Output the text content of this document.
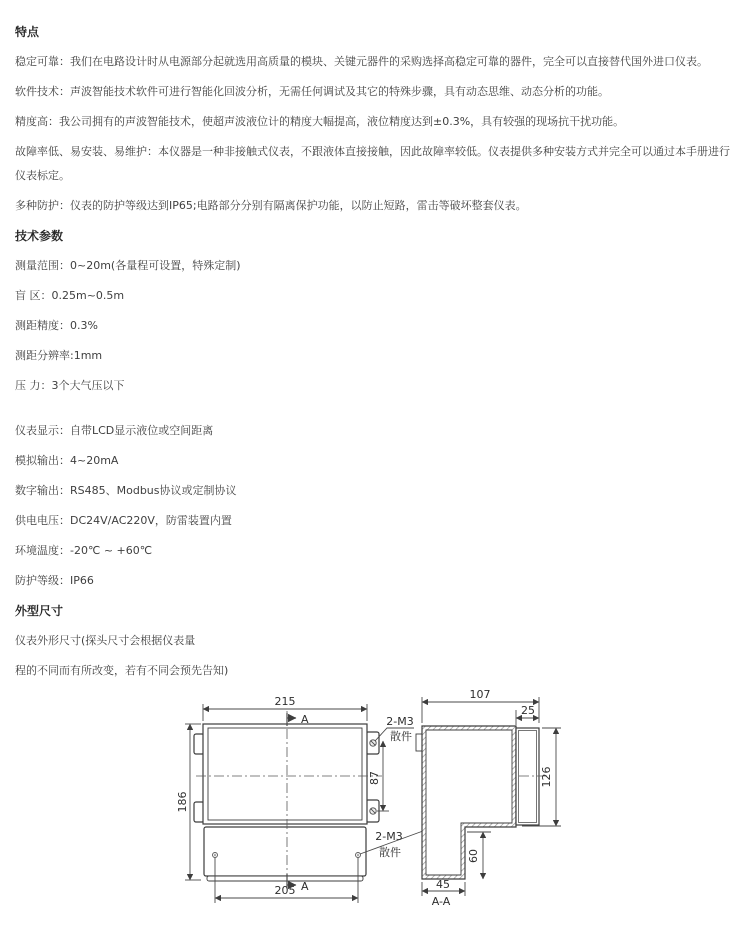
特点

稳定可靠：我们在电路设计时从电源部分起就选用高质量的模块、关键元器件的采购选择高稳定可靠的器件，完全可以直接替代国外进口仪表。

软件技术：声波智能技术软件可进行智能化回波分析，无需任何调试及其它的特殊步骤，具有动态思维、动态分析的功能。

精度高：我公司拥有的声波智能技术，使超声波液位计的精度大幅提高，液位精度达到±0.3%，具有较强的现场抗干扰功能。

故障率低、易安装、易维护：本仪器是一种非接触式仪表，不跟液体直接接触，因此故障率较低。仪表提供多种安装方式并完全可以通过本手册进行仪表标定。

多种防护：仪表的防护等级达到IP65;电路部分分别有隔离保护功能，以防止短路，雷击等破坏整套仪表。

技术参数

测量范围：0~20m(各量程可设置，特殊定制)

盲 区：0.25m~0.5m

测距精度：0.3%

测距分辨率:1mm

压 力：3个大气压以下

仪表显示：自带LCD显示液位或空间距离

模拟输出：4~20mA

数字输出：RS485、Modbus协议或定制协议

供电电压：DC24V/AC220V，防雷装置内置

环境温度：-20℃ ~ +60℃

防护等级：IP66

外型尺寸

仪表外形尺寸(探头尺寸会根据仪表量

程的不同而有所改变，若有不同会预先告知)

215
186
87
205
A
A
2-M3
散件
2-M3
散件
107
25
126
60
45
A-A
